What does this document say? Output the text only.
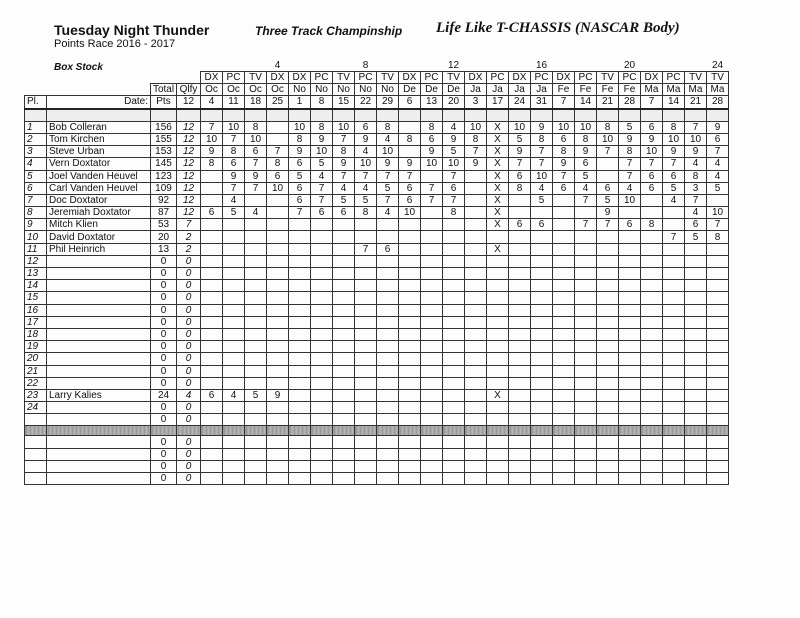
Tuesday Night Thunder
Points Race 2016 - 2017
Three Track Champinship Life Like T-CHASSIS (NASCAR Body)
Box Stock
								4				8				12				16				20				24
				DX	PC	TV	DX	DX	PC	TV	PC	TV	DX	PC	TV	DX	PC	DX	PC	DX	PC	TV	PC	DX	PC	TV	TV
		Total	Qlfy	Oc	Oc	Oc	Oc	No	No	No	No	No	De	De	De	Ja	Ja	Ja	Ja	Fe	Fe	Fe	Fe	Ma	Ma	Ma	Ma
Pl.	Date:	Pts	12	4	11	18	25	1	8	15	22	29	6	13	20	3	17	24	31	7	14	21	28	7	14	21	28

1	Bob Colleran	156	12	7	10	8		10	8	10	6	8		8	4	10	X	10	9	10	10	8	5	6	8	7	9
2	Tom Kirchen	155	12	10	7	10		8	9	7	9	4	8	6	9	8	X	5	8	6	8	10	9	9	10	10	6
3	Steve Urban	153	12	9	8	6	7	9	10	8	4	10		9	5	7	X	9	7	8	9	7	8	10	9	9	7
4	Vern Doxtator	145	12	8	6	7	8	6	5	9	10	9	9	10	10	9	X	7	7	9	6		7	7	7	4	4
5	Joel Vanden Heuvel	123	12		9	9	6	5	4	7	7	7	7		7		X	6	10	7	5		7	6	6	8	4
6	Carl Vanden Heuvel	109	12		7	7	10	6	7	4	4	5	6	7	6		X	8	4	6	4	6	4	6	5	3	5
7	Doc Doxtator	92	12		4			6	7	5	5	7	6	7	7		X		5		7	5	10		4	7	
8	Jeremiah Doxtator	87	12	6	5	4		7	6	6	8	4	10		8		X					9				4	10
9	Mitch Klien	53	7														X	6	6		7	7	6	8		6	7
10	David Doxtator	20	2																						7	5	8
11	Phil Heinrich	13	2								7	6					X										
12		0	0																								
13		0	0																								
14		0	0																								
15		0	0																								
16		0	0																								
17		0	0																								
18		0	0																								
19		0	0																								
20		0	0																								
21		0	0																								
22		0	0																								
23	Larry Kalies	24	4	6	4	5	9										X										
24		0	0																								
		0	0																								

		0	0																								
		0	0																								
		0	0																								
		0	0																								
